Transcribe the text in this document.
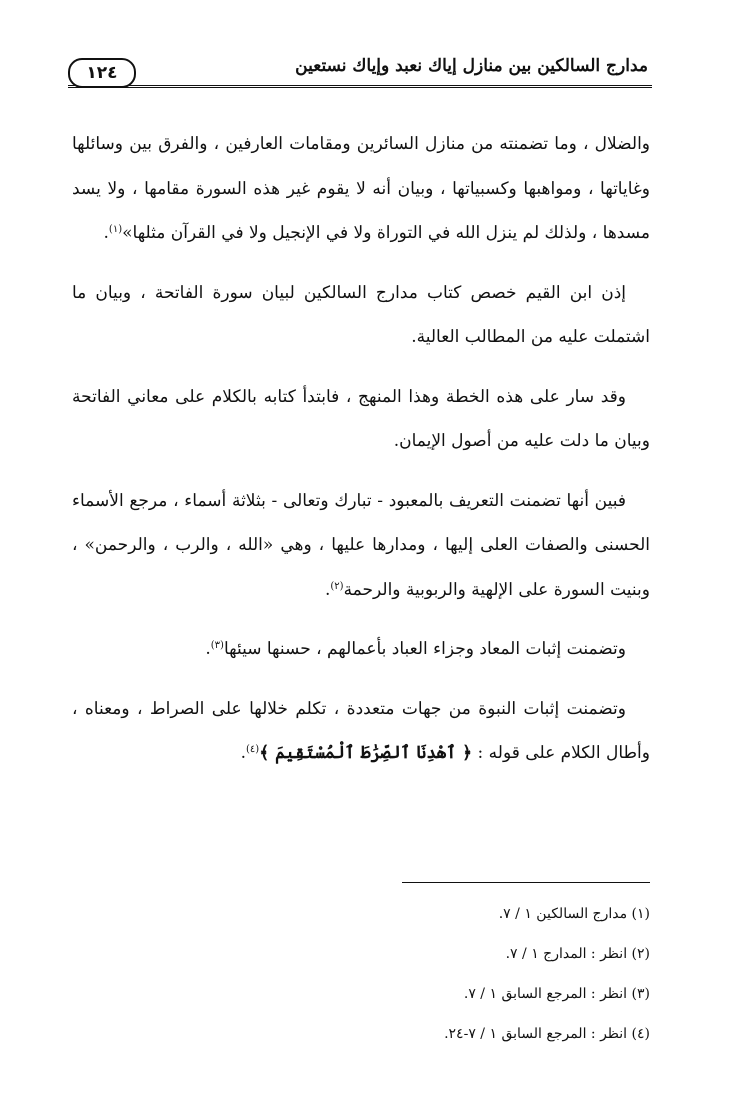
مدارج السالكين بين منازل إياك نعبد وإياك نستعين
١٢٤

والضلال ، وما تضمنته من منازل السائرين ومقامات العارفين ، والفرق بين وسائلها وغاياتها ، ومواهبها وكسبياتها ، وبيان أنه لا يقوم غير هذه السورة مقامها ، ولا يسد مسدها ، ولذلك لم ينزل الله في التوراة ولا في الإنجيل ولا في القرآن مثلها»$^{(١)}$.

إذن ابن القيم خصص كتاب مدارج السالكين لبيان سورة الفاتحة ، وبيان ما اشتملت عليه من المطالب العالية.

وقد سار على هذه الخطة وهذا المنهج ، فابتدأ كتابه بالكلام على معاني الفاتحة وبيان ما دلت عليه من أصول الإيمان.

فبين أنها تضمنت التعريف بالمعبود - تبارك وتعالى - بثلاثة أسماء ، مرجع الأسماء الحسنى والصفات العلى إليها ، ومدارها عليها ، وهي «الله ، والرب ، والرحمن» ، وبنيت السورة على الإلهية والربوبية والرحمة$^{(٢)}$.

وتضمنت إثبات المعاد وجزاء العباد بأعمالهم ، حسنها سيئها$^{(٣)}$.

وتضمنت إثبات النبوة من جهات متعددة ، تكلم خلالها على الصراط ، ومعناه ، وأطال الكلام على قوله : ﴿ ٱهْدِنَا ٱلصِّرَٰطَ ٱلْمُسْتَقِيمَ ﴾$^{(٤)}$.

(١) مدارج السالكين ١ / ٧.
(٢) انظر : المدارج ١ / ٧.
(٣) انظر : المرجع السابق ١ / ٧.
(٤) انظر : المرجع السابق ١ / ٧-٢٤.
